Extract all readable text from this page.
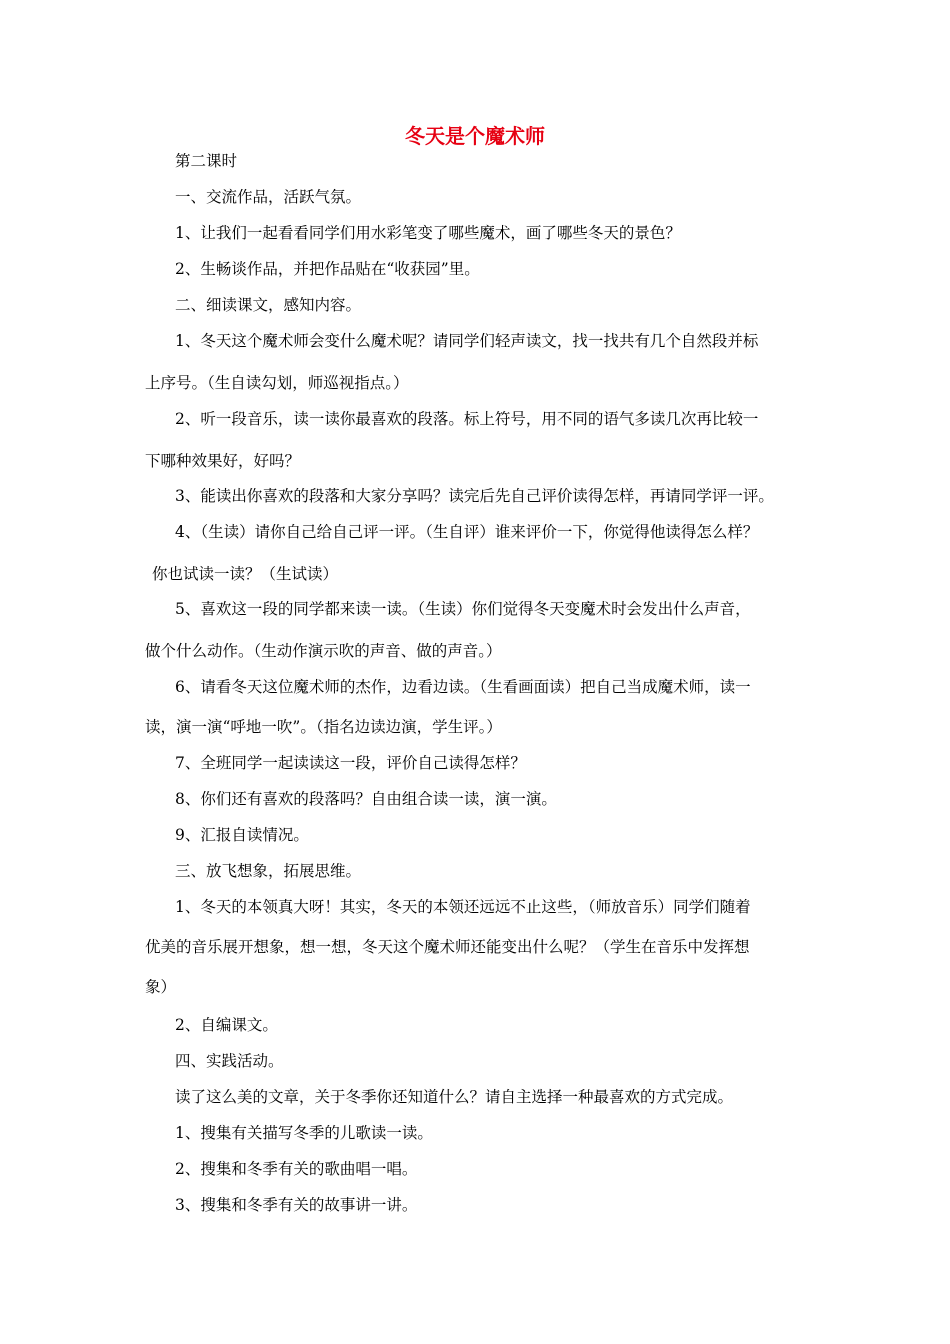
冬天是个魔术师

第二课时

一、交流作品，活跃气氛。

1、让我们一起看看同学们用水彩笔变了哪些魔术，画了哪些冬天的景色？

2、生畅谈作品，并把作品贴在“收获园”里。

二、细读课文，感知内容。

1、冬天这个魔术师会变什么魔术呢？请同学们轻声读文，找一找共有几个自然段并标

上序号。（生自读勾划，师巡视指点。）

2、听一段音乐，读一读你最喜欢的段落。标上符号，用不同的语气多读几次再比较一

下哪种效果好，好吗？

3、能读出你喜欢的段落和大家分享吗？读完后先自己评价读得怎样，再请同学评一评。

4、（生读）请你自己给自己评一评。（生自评）谁来评价一下，你觉得他读得怎么样？

你也试读一读？（生试读）

5、喜欢这一段的同学都来读一读。（生读）你们觉得冬天变魔术时会发出什么声音，

做个什么动作。（生动作演示吹的声音、做的声音。）

6、请看冬天这位魔术师的杰作，边看边读。（生看画面读）把自己当成魔术师，读一

读，演一演“呼地一吹”。（指名边读边演，学生评。）

7、全班同学一起读读这一段，评价自己读得怎样？

8、你们还有喜欢的段落吗？自由组合读一读，演一演。

9、汇报自读情况。

三、放飞想象，拓展思维。

1、冬天的本领真大呀！其实，冬天的本领还远远不止这些，（师放音乐）同学们随着

优美的音乐展开想象，想一想，冬天这个魔术师还能变出什么呢？（学生在音乐中发挥想

象）

2、自编课文。

四、实践活动。

读了这么美的文章，关于冬季你还知道什么？请自主选择一种最喜欢的方式完成。

1、搜集有关描写冬季的儿歌读一读。

2、搜集和冬季有关的歌曲唱一唱。

3、搜集和冬季有关的故事讲一讲。
